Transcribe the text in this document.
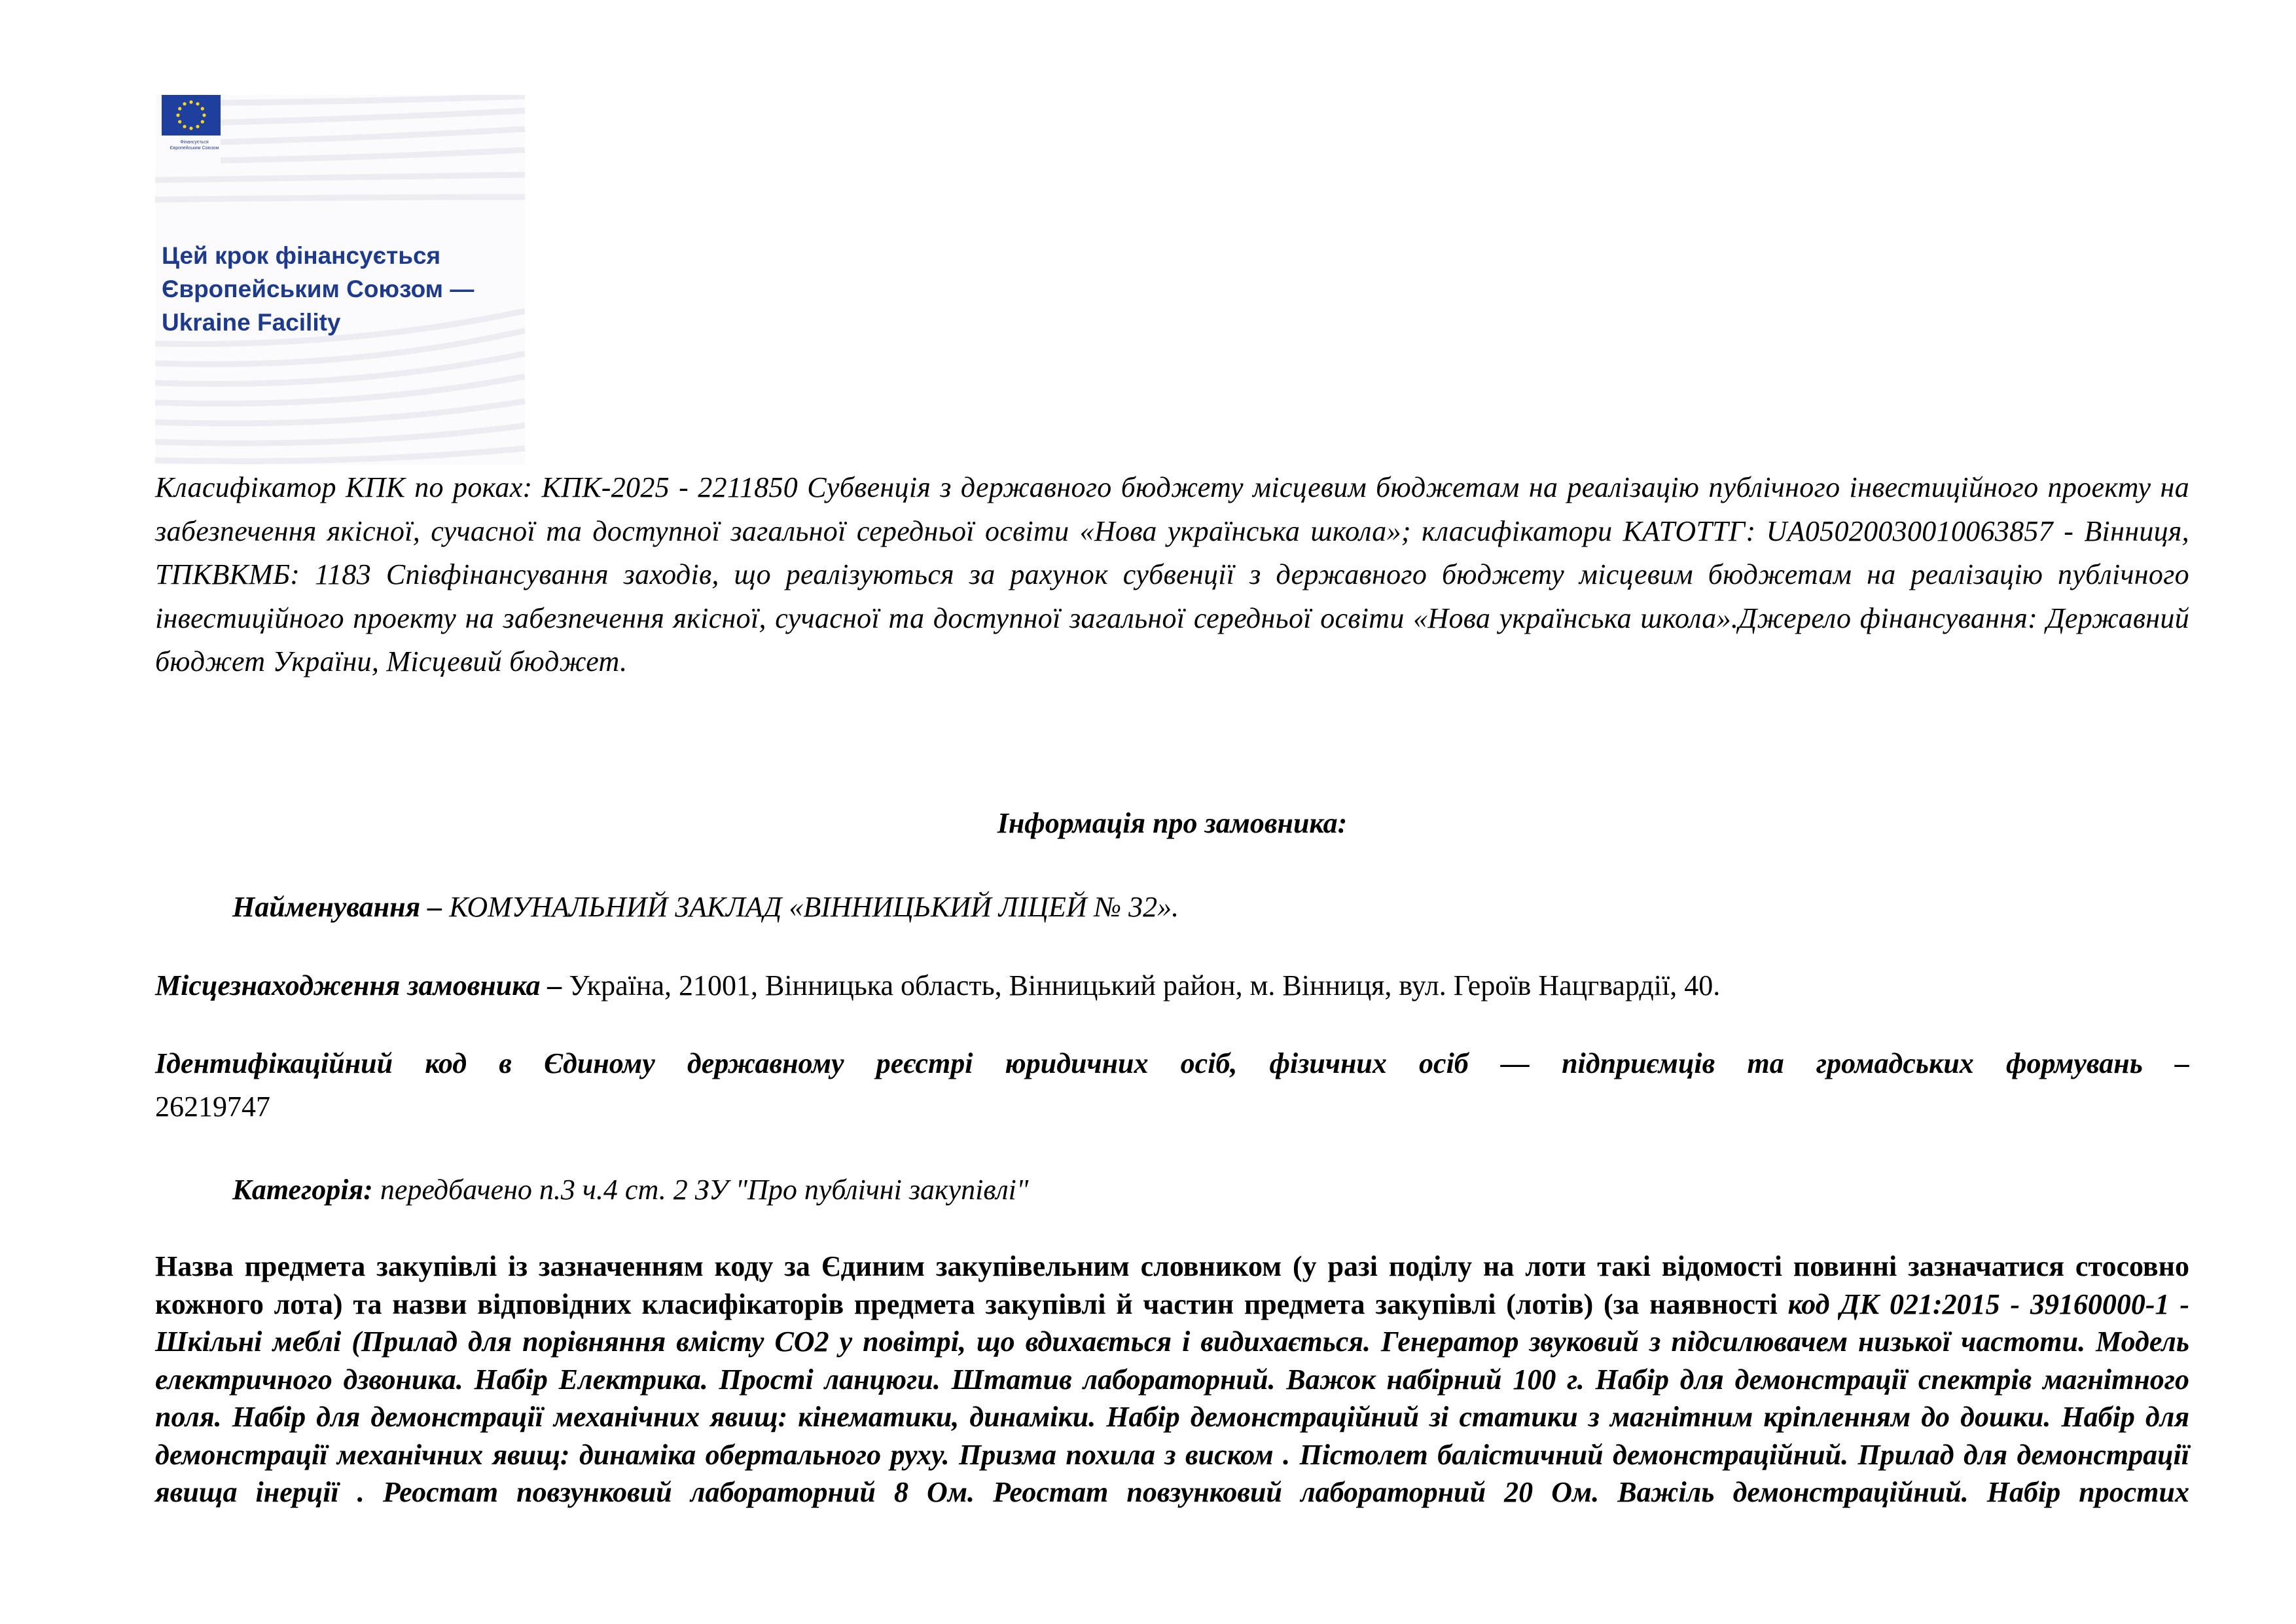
Фінансується
Європейським Союзом
Цей крок фінансується
Європейським Союзом —
Ukraine Facility
Класифікатор КПК по роках: КПК-2025 - 2211850 Субвенція з державного бюджету місцевим бюджетам на реалізацію публічного інвестиційного проекту на забезпечення якісної, сучасної та доступної загальної середньої освіти «Нова українська школа»; класифікатори КАТОТТГ: UA05020030010063857 - Вінниця, ТПКВКМБ: 1183 Співфінансування заходів, що реалізуються за рахунок субвенції з державного бюджету місцевим бюджетам на реалізацію публічного інвестиційного проекту на забезпечення якісної, сучасної та доступної загальної середньої освіти «Нова українська школа».Джерело фінансування: Державний бюджет України, Місцевий бюджет.
Інформація про замовника:
Найменування – КОМУНАЛЬНИЙ ЗАКЛАД «ВІННИЦЬКИЙ ЛІЦЕЙ № 32».
Місцезнаходження замовника – Україна, 21001, Вінницька область, Вінницький район, м. Вінниця, вул. Героїв Нацгвардії, 40.
Ідентифікаційний код в Єдиному державному реєстрі юридичних осіб, фізичних осіб — підприємців та громадських формувань –
26219747
Категорія: передбачено п.3 ч.4 ст. 2 ЗУ "Про публічні закупівлі"
Назва предмета закупівлі із зазначенням коду за Єдиним закупівельним словником (у разі поділу на лоти такі відомості повинні зазначатися стосовно кожного лота) та назви відповідних класифікаторів предмета закупівлі й частин предмета закупівлі (лотів) (за наявності код ДК 021:2015 - 39160000-1 - Шкільні меблі (Прилад для порівняння вмісту CO2 у повітрі, що вдихається і видихається. Генератор звуковий з підсилювачем низької частоти. Модель електричного дзвоника. Набір Електрика. Прості ланцюги. Штатив лабораторний. Важок набірний 100 г. Набір для демонстрації спектрів магнітного поля. Набір для демонстрації механічних явищ: кінематики, динаміки. Набір демонстраційний зі статики з магнітним кріпленням до дошки. Набір для демонстрації механічних явищ: динаміка обертального руху. Призма похила з виском . Пістолет балістичний демонстраційний. Прилад для демонстрації явища інерції . Реостат повзунковий лабораторний 8 Ом. Реостат повзунковий лабораторний 20 Ом. Важіль демонстраційний. Набір простих
